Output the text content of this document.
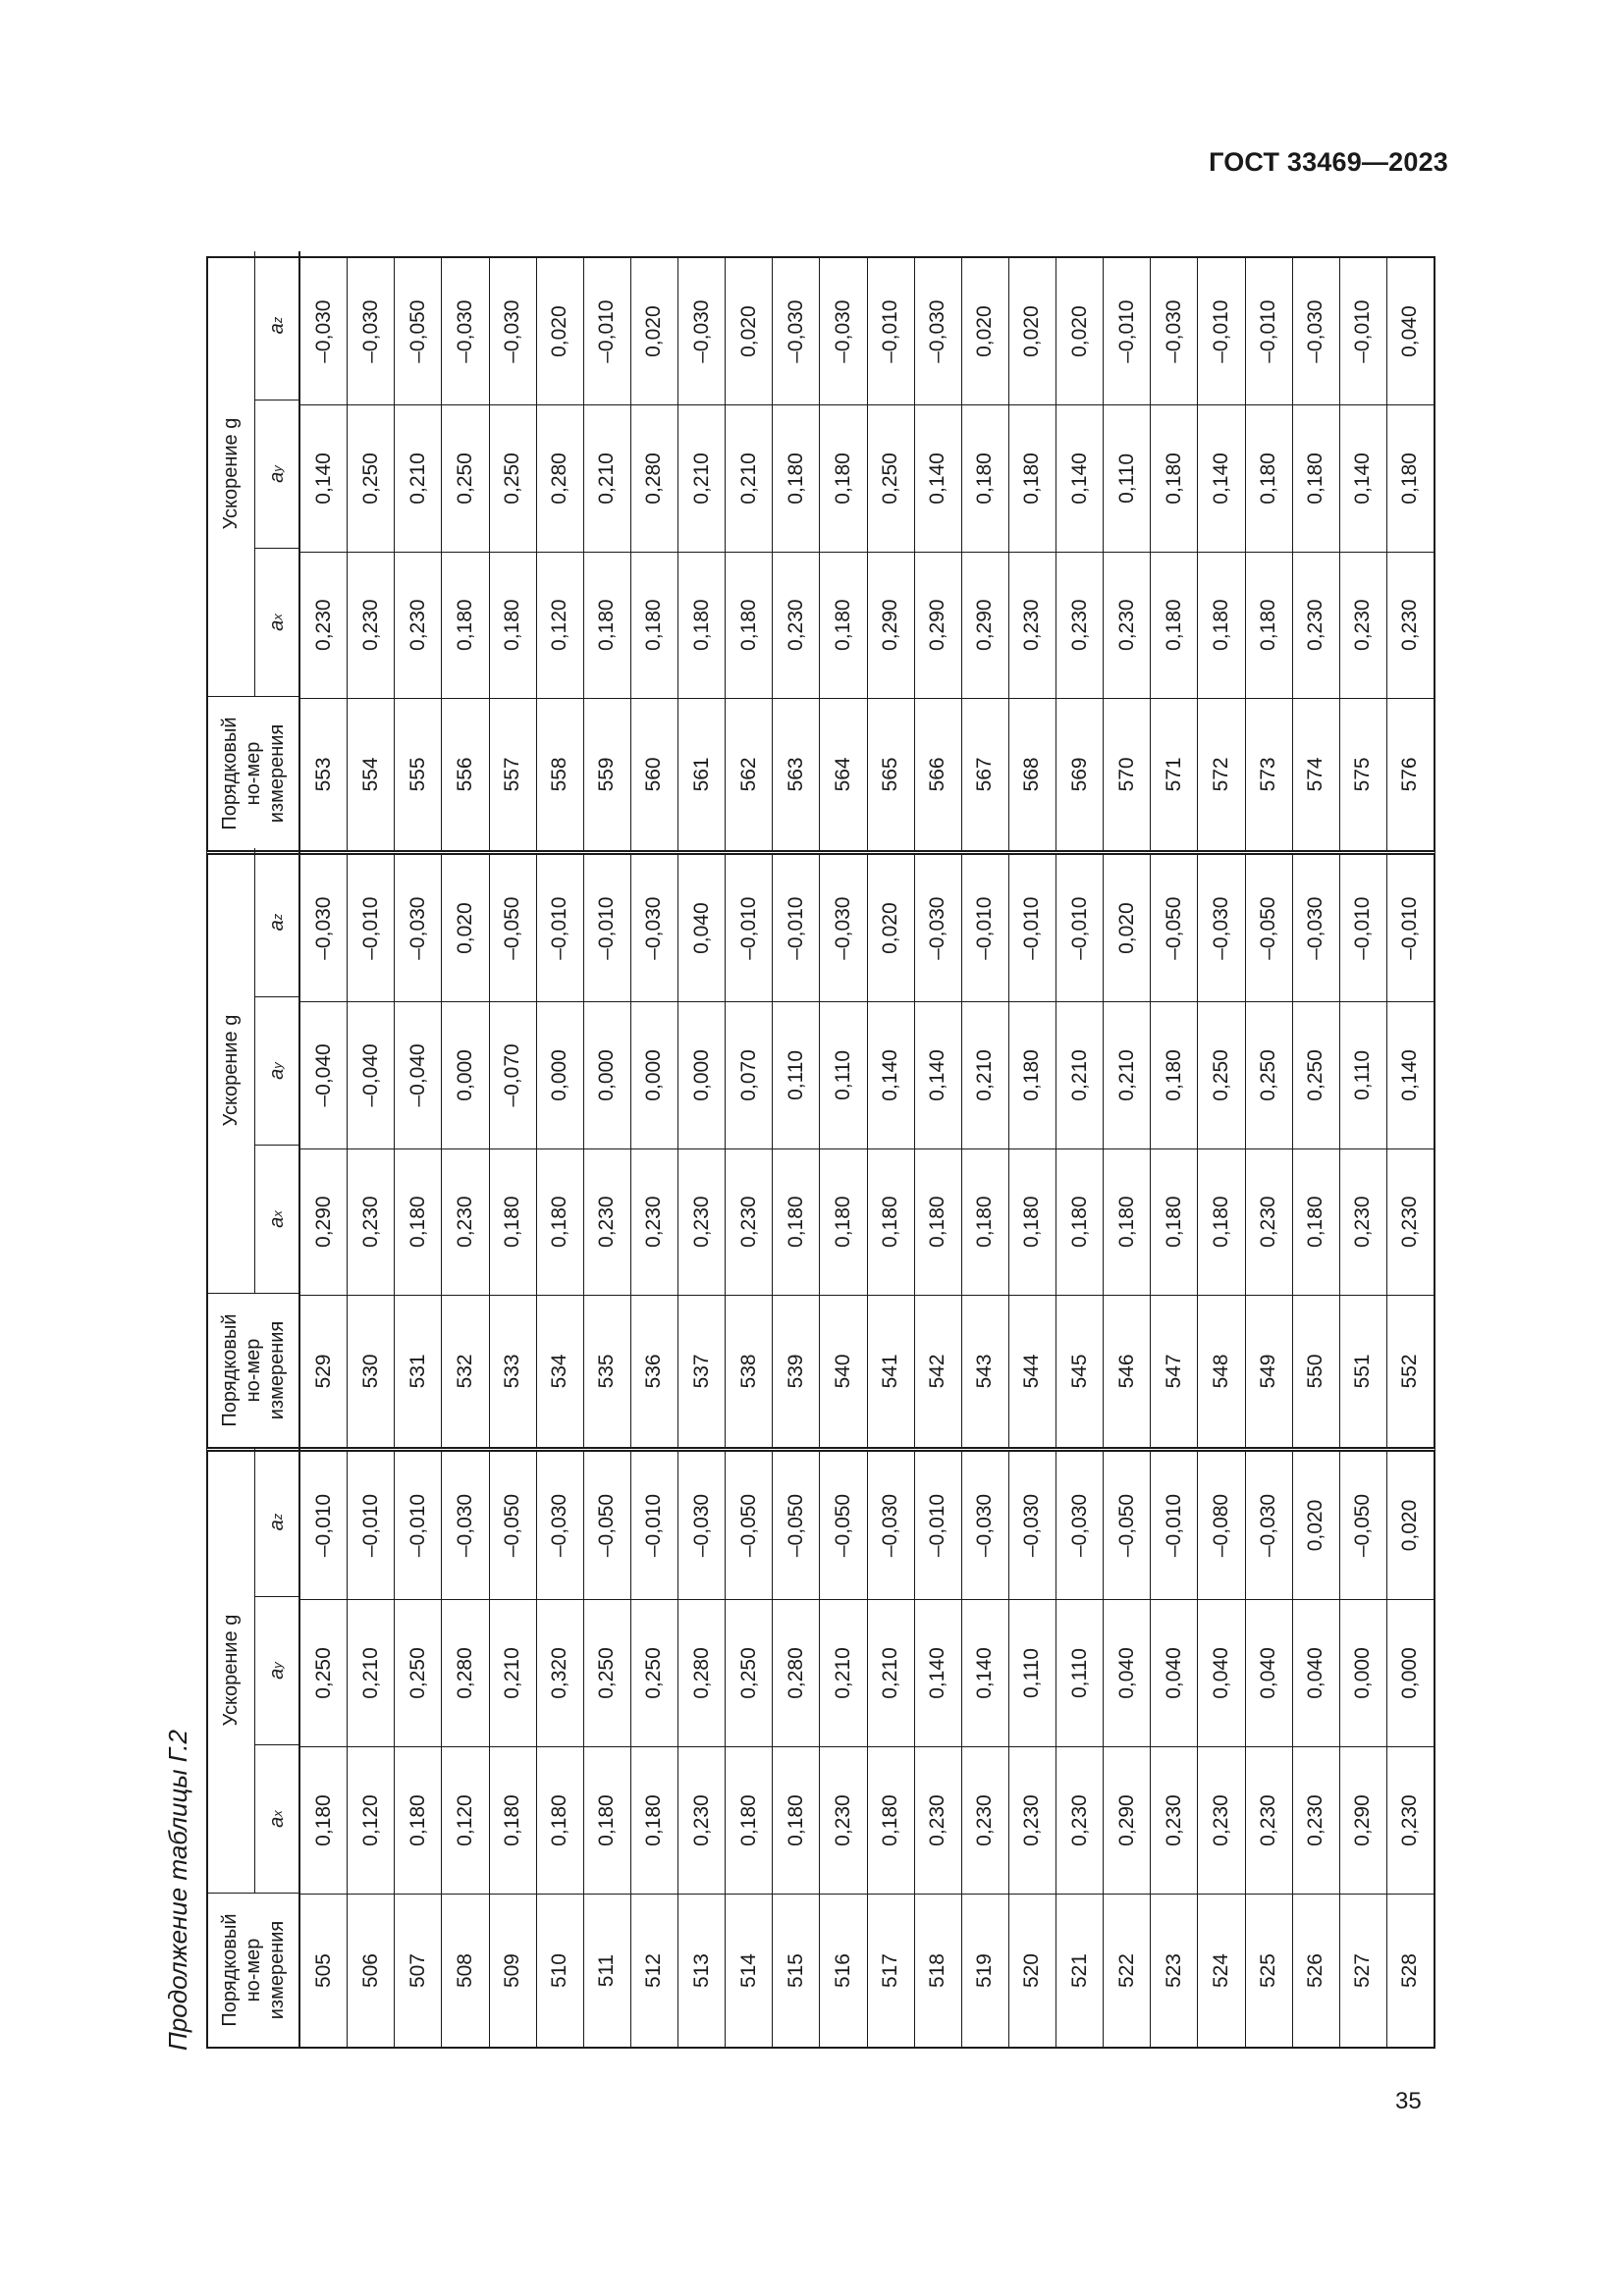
ГОСТ 33469—2023
Продолжение таблицы Г.2	Порядковый но-мер измерения
Ускорение g
a
x
a
y
a
z
505
0,180
0,250
–0,010
506
0,120
0,210
–0,010
507
0,180
0,250
–0,010
508
0,120
0,280
–0,030
509
0,180
0,210
–0,050
510
0,180
0,320
–0,030
511
0,180
0,250
–0,050
512
0,180
0,250
–0,010
513
0,230
0,280
–0,030
514
0,180
0,250
–0,050
515
0,180
0,280
–0,050
516
0,230
0,210
–0,050
517
0,180
0,210
–0,030
518
0,230
0,140
–0,010
519
0,230
0,140
–0,030
520
0,230
0,110
–0,030
521
0,230
0,110
–0,030
522
0,290
0,040
–0,050
523
0,230
0,040
–0,010
524
0,230
0,040
–0,080
525
0,230
0,040
–0,030
526
0,230
0,040
0,020
527
0,290
0,000
–0,050
528
0,230
0,000
0,020
Порядковый но-мер измерения
Ускорение g
a
x
a
y
a
z
529
0,290
–0,040
–0,030
530
0,230
–0,040
–0,010
531
0,180
–0,040
–0,030
532
0,230
0,000
0,020
533
0,180
–0,070
–0,050
534
0,180
0,000
–0,010
535
0,230
0,000
–0,010
536
0,230
0,000
–0,030
537
0,230
0,000
0,040
538
0,230
0,070
–0,010
539
0,180
0,110
–0,010
540
0,180
0,110
–0,030
541
0,180
0,140
0,020
542
0,180
0,140
–0,030
543
0,180
0,210
–0,010
544
0,180
0,180
–0,010
545
0,180
0,210
–0,010
546
0,180
0,210
0,020
547
0,180
0,180
–0,050
548
0,180
0,250
–0,030
549
0,230
0,250
–0,050
550
0,180
0,250
–0,030
551
0,230
0,110
–0,010
552
0,230
0,140
–0,010
Порядковый но-мер измерения
Ускорение g
a
x
a
y
a
z
553
0,230
0,140
–0,030
554
0,230
0,250
–0,030
555
0,230
0,210
–0,050
556
0,180
0,250
–0,030
557
0,180
0,250
–0,030
558
0,120
0,280
0,020
559
0,180
0,210
–0,010
560
0,180
0,280
0,020
561
0,180
0,210
–0,030
562
0,180
0,210
0,020
563
0,230
0,180
–0,030
564
0,180
0,180
–0,030
565
0,290
0,250
–0,010
566
0,290
0,140
–0,030
567
0,290
0,180
0,020
568
0,230
0,180
0,020
569
0,230
0,140
0,020
570
0,230
0,110
–0,010
571
0,180
0,180
–0,030
572
0,180
0,140
–0,010
573
0,180
0,180
–0,010
574
0,230
0,180
–0,030
575
0,230
0,140
–0,010
576
0,230
0,180
0,040
35
